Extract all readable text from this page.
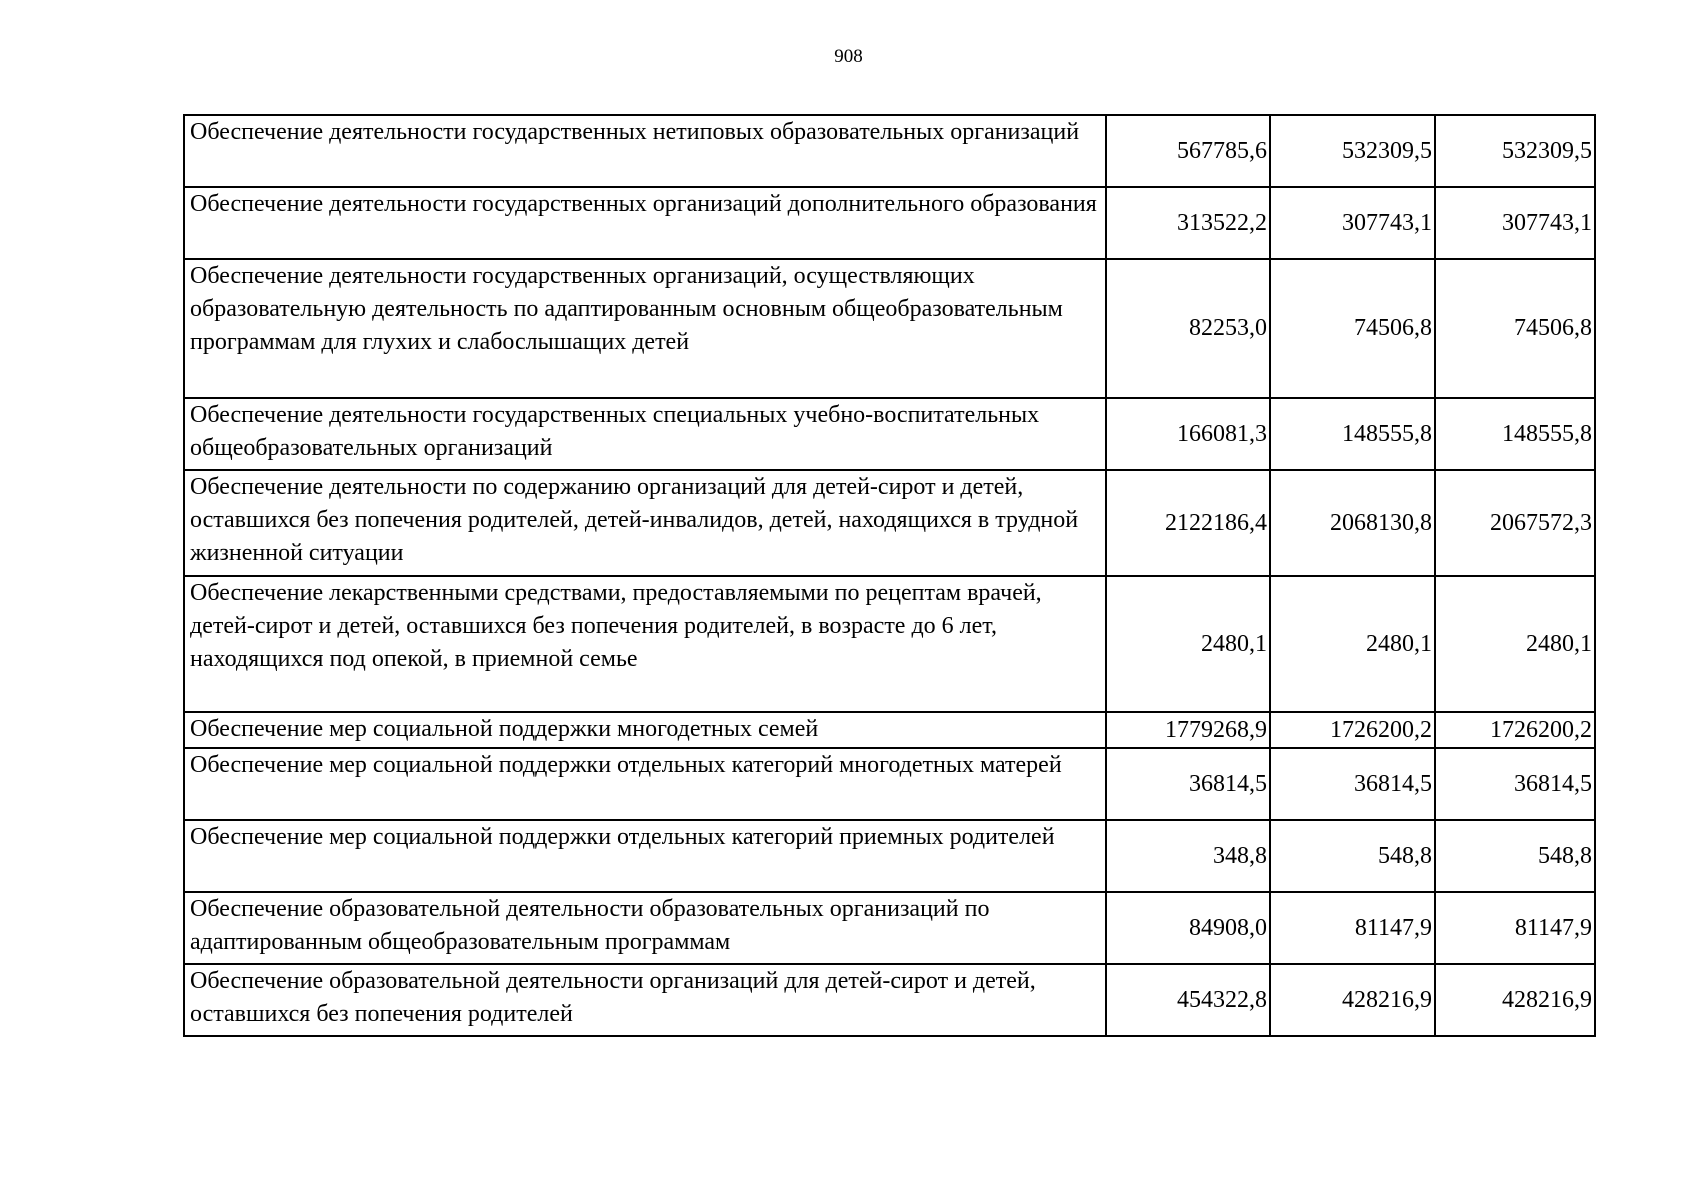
908
Обеспечение деятельности государственных нетиповых образовательных организаций	567785,6	532309,5	532309,5
Обеспечение деятельности государственных организаций дополнительного образования	313522,2	307743,1	307743,1
Обеспечение деятельности государственных организаций, осуществляющих образовательную деятельность по адаптированным основным общеобразовательным программам для глухих и слабослышащих детей	82253,0	74506,8	74506,8
Обеспечение деятельности государственных специальных учебно-воспитательных общеобразовательных организаций	166081,3	148555,8	148555,8
Обеспечение деятельности по содержанию организаций для детей-сирот и детей, оставшихся без попечения родителей, детей-инвалидов, детей, находящихся в трудной жизненной ситуации	2122186,4	2068130,8	2067572,3
Обеспечение лекарственными средствами, предоставляемыми по рецептам врачей, детей-сирот и детей, оставшихся без попечения родителей, в возрасте до 6 лет, находящихся под опекой, в приемной семье	2480,1	2480,1	2480,1
Обеспечение мер социальной поддержки многодетных семей	1779268,9	1726200,2	1726200,2
Обеспечение мер социальной поддержки отдельных категорий многодетных матерей	36814,5	36814,5	36814,5
Обеспечение мер социальной поддержки отдельных категорий приемных родителей	348,8	548,8	548,8
Обеспечение образовательной деятельности образовательных организаций по адаптированным общеобразовательным программам	84908,0	81147,9	81147,9
Обеспечение образовательной деятельности организаций для детей-сирот и детей, оставшихся без попечения родителей	454322,8	428216,9	428216,9
